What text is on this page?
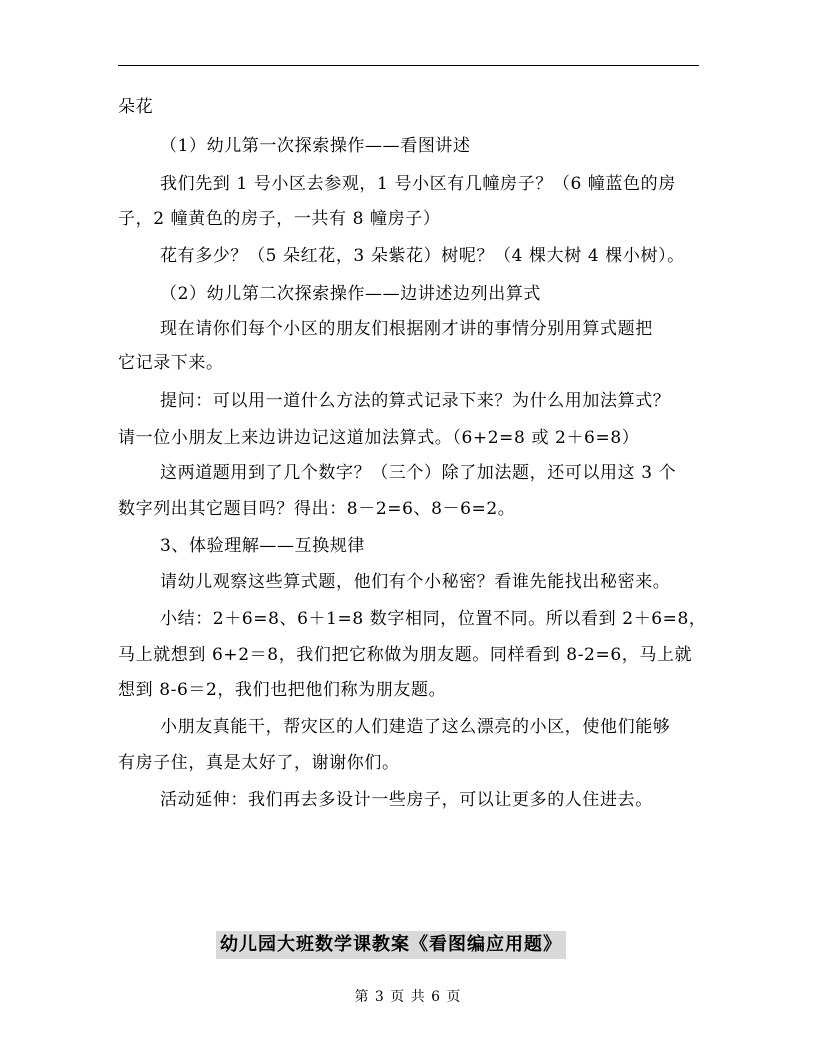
朵花
（1）幼儿第一次探索操作——看图讲述
我们先到 1 号小区去参观，1 号小区有几幢房子？（6 幢蓝色的房
子，2 幢黄色的房子，一共有 8 幢房子）
花有多少？（5 朵红花，3 朵紫花）树呢？（4 棵大树 4 棵小树）。
（2）幼儿第二次探索操作——边讲述边列出算式
现在请你们每个小区的朋友们根据刚才讲的事情分别用算式题把
它记录下来。
提问：可以用一道什么方法的算式记录下来？为什么用加法算式？
请一位小朋友上来边讲边记这道加法算式。（6+2=8 或 2＋6=8）
这两道题用到了几个数字？（三个）除了加法题，还可以用这 3 个
数字列出其它题目吗？得出：8－2=6、8－6=2。
3、体验理解——互换规律
请幼儿观察这些算式题，他们有个小秘密？看谁先能找出秘密来。
小结：2＋6=8、6＋1=8 数字相同，位置不同。所以看到 2＋6=8，
马上就想到 6+2＝8，我们把它称做为朋友题。同样看到 8-2=6，马上就
想到 8-6＝2，我们也把他们称为朋友题。
小朋友真能干，帮灾区的人们建造了这么漂亮的小区，使他们能够
有房子住，真是太好了，谢谢你们。
活动延伸：我们再去多设计一些房子，可以让更多的人住进去。
幼儿园大班数学课教案《看图编应用题》
第 3 页 共 6 页
